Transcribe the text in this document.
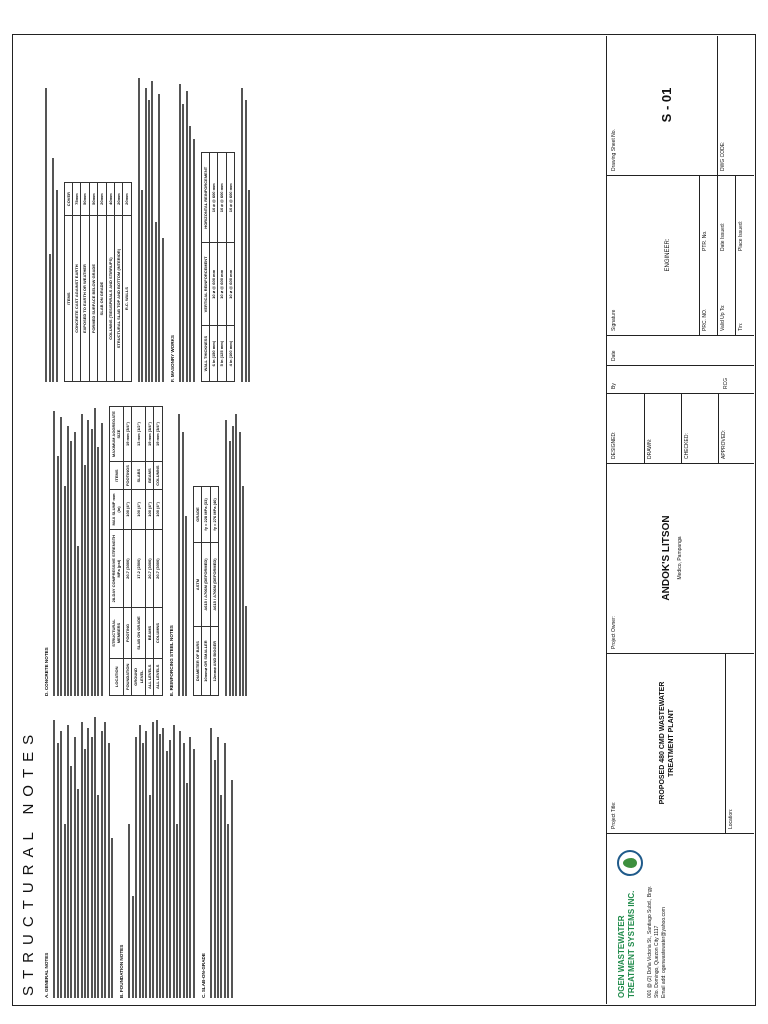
STRUCTURAL NOTES A. GENERAL NOTES	B. FOUNDATION NOTES	C. SLAB-ON-GRADE
D. CONCRETE NOTES	LOCATION	STRUCTURAL MEMBERS	28-DAY COMPRESSIVE STRENGTH MPa (psi)	MAX SLUMP mm (in)	ITEMS	MAXIMUM AGGREGATE SIZE
FOUNDATION	FOOTING	20.7 (3000)	100 (4")	FOOTINGS	19 mm (3/4")
GROUND LEVEL	SLAB ON GRADE	17.2 (2500)	100 (4")	SLABS	13 mm (1/2")
ALL LEVELS	BEAMS	20.7 (3000)	100 (4")	BEAMS	19 mm (3/4")
ALL LEVELS	COLUMNS	20.7 (3000)	100 (4")	COLUMNS	19 mm (3/4")
E. REINFORCING STEEL NOTES	DIAMETER OF BARS	ASTM	GRADE
10mm⌀ OR SMALLER	A615 / A706M (DEFORMED)	fy = 228 MPa (33)
12mm⌀ AND BIGGER	A615 / A706M (DEFORMED)	fy = 276 MPa (40)
ITEMS	COVER
CONCRETE CAST AGAINST EARTH	75mm
EXPOSED TO EARTH OR WEATHER	50mm
FORMED SURFACE BELOW GRADE	50mm
SLAB ON GRADE	20mm
COLUMNS (TIES/SPIRALS AND STIRRUPS)	40mm
STRUCTURAL SLAB TOP AND BOTTOM (INTERIOR)	20mm
R.C. WALLS	20mm
F. MASONRY WORKS	WALL THICKNESS	VERTICAL REINFORCEMENT	HORIZONTAL REINFORCEMENT
6 in (150 mm)	10 ⌀ @ 600 mm	10 ⌀ @ 600 mm
5 in (125 mm)	10 ⌀ @ 600 mm	10 ⌀ @ 600 mm
4 in (100 mm)	10 ⌀ @ 600 mm	10 ⌀ @ 600 mm
OGEN WASTEWATER TREATMENT SYSTEMS INC. 001 @ (2) Doña Victoria St., Santiago Subd., Brgy. Sto. Domingo, Quezon City 1117 Email add: ogenwastewater@yahoo.com
Project Title:
PROPOSED 480 CMD WASTEWATER TREATMENT PLANT
Location:
Project Owner:
ANDOK'S LITSON Medico, Pampanga
DESIGNED:	DRAWN:	CHECKED:	APPROVED:
By	RCG
Date
Signature
ENGINEER:
PRC. NO.
PTR. No.
Valid Up To:
Date Issued:
Tin:
Place Issued:
Drawing Sheet No.
S - 01
DWG CODE:
